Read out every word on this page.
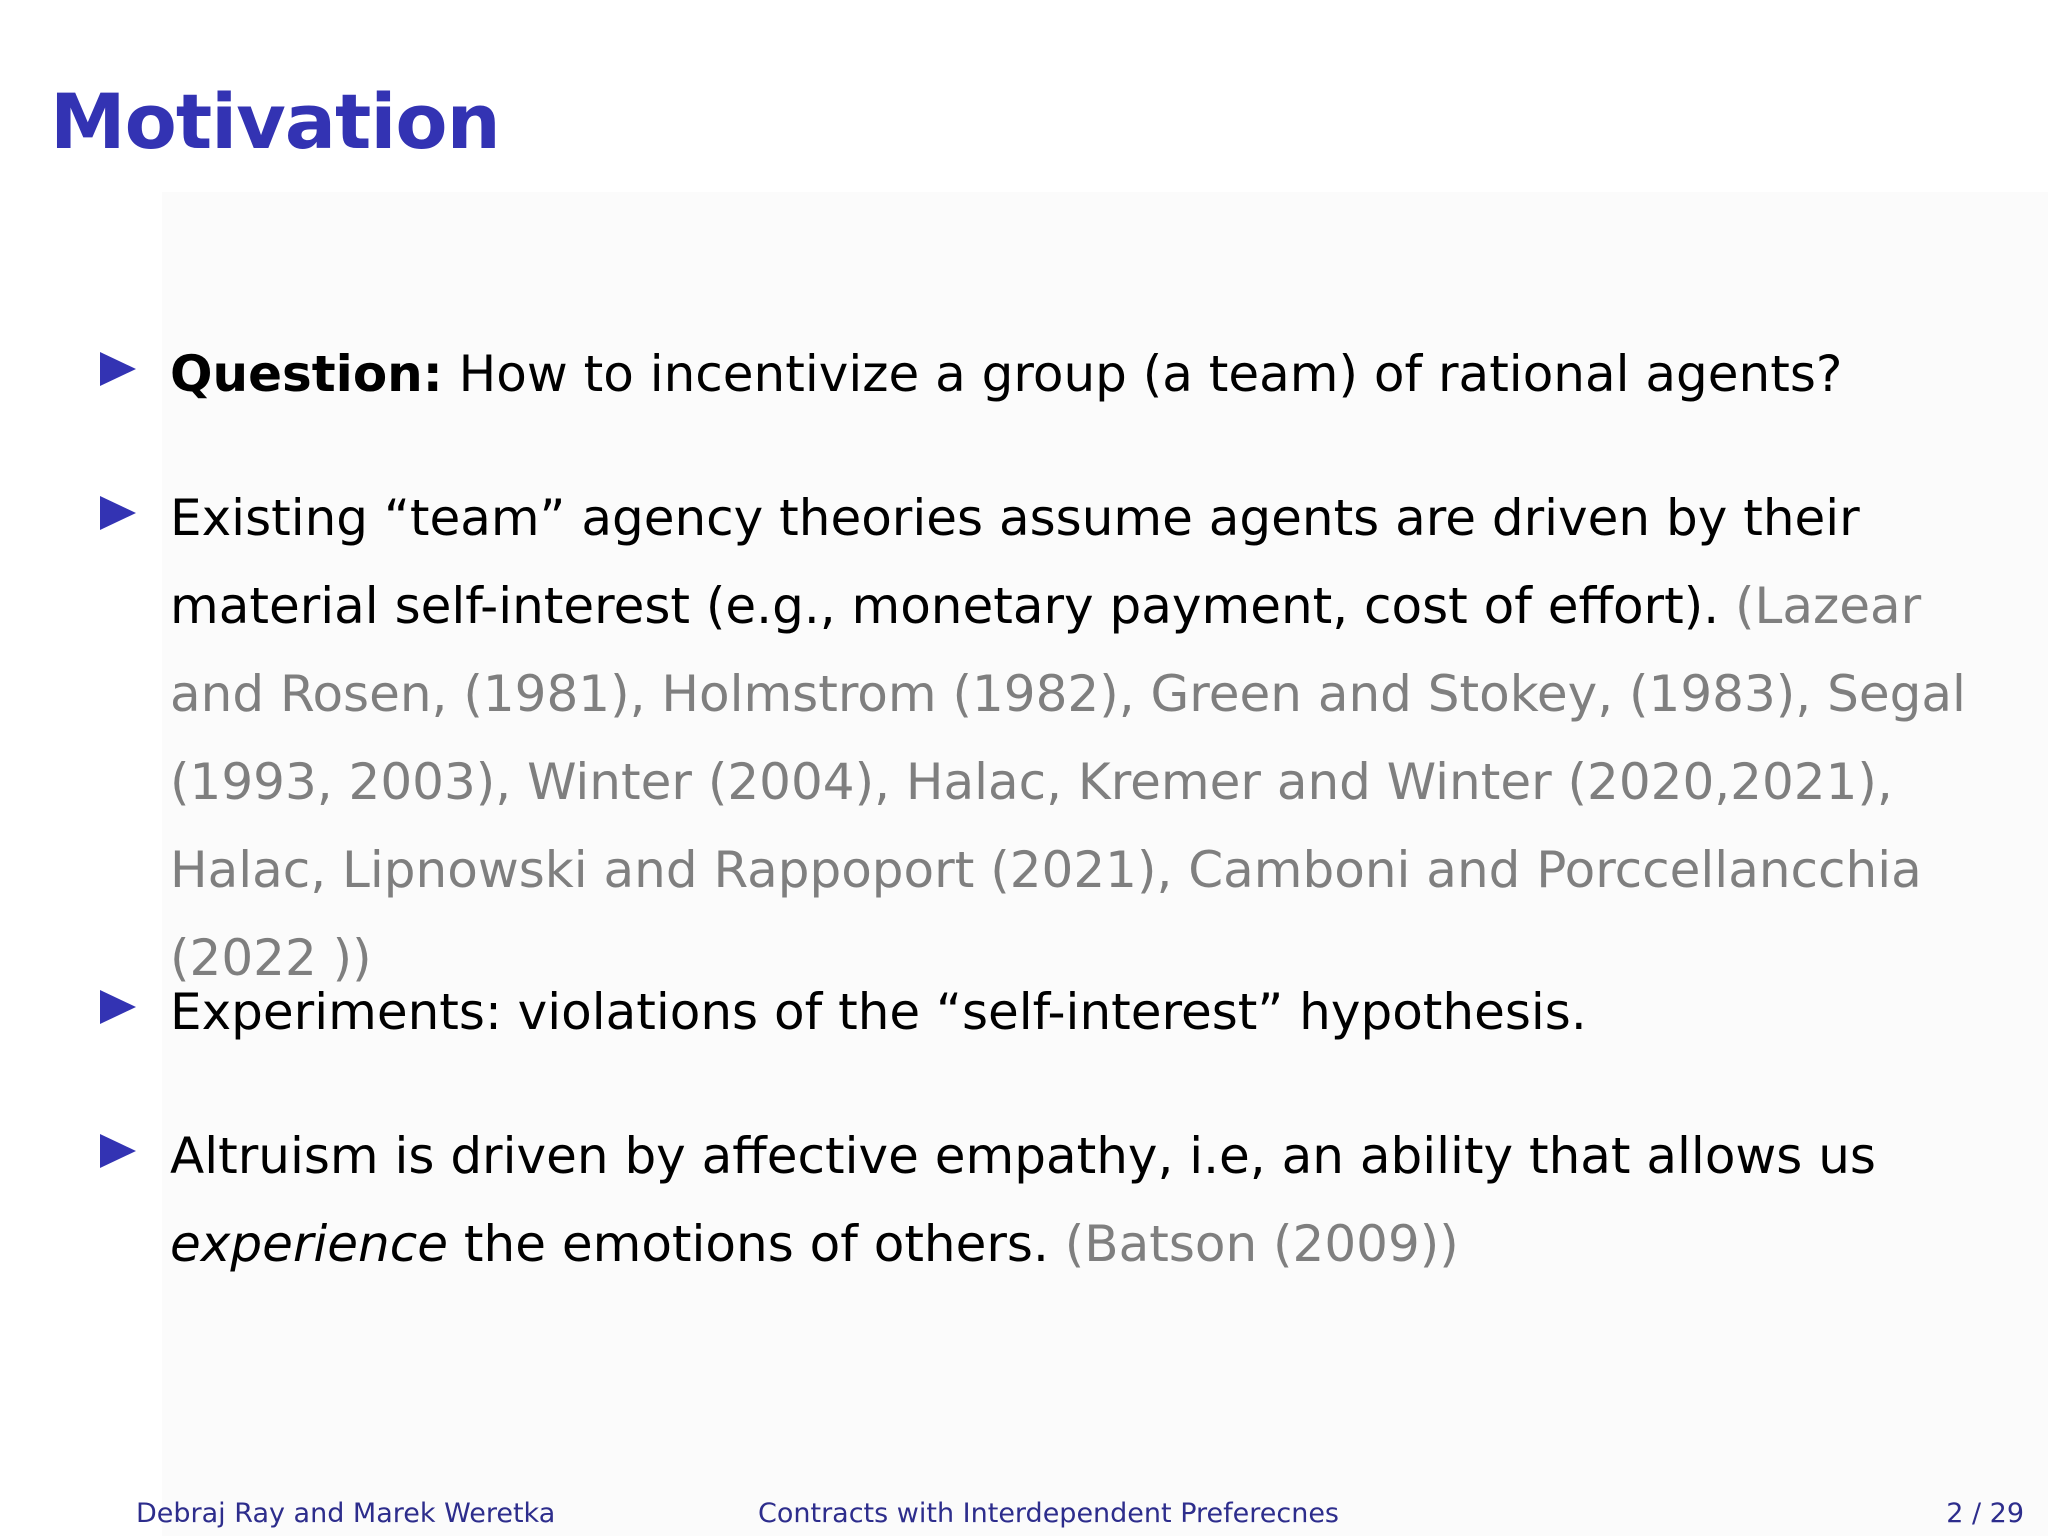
Motivation

Question: How to incentivize a group (a team) of rational agents?

Existing “team” agency theories assume agents are driven by their material self-interest (e.g., monetary payment, cost of effort). (Lazear and Rosen, (1981), Holmstrom (1982), Green and Stokey, (1983), Segal (1993, 2003), Winter (2004), Halac, Kremer and Winter (2020,2021), Halac, Lipnowski and Rappoport (2021), Camboni and Porccellancchia (2022 ))

Experiments: violations of the “self-interest” hypothesis.

Altruism is driven by affective empathy, i.e, an ability that allows us experience the emotions of others. (Batson (2009))

Debraj Ray and Marek Weretka	Contracts with Interdependent Preferecnes	2 / 29
